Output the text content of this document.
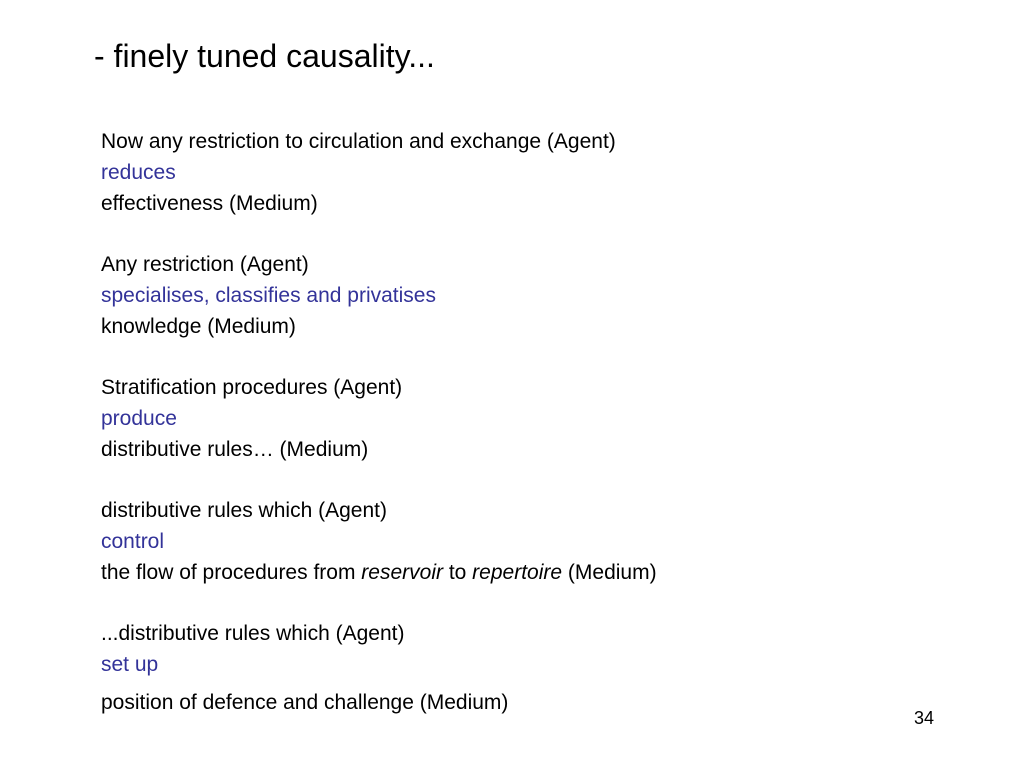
- finely tuned causality...
Now any restriction to circulation and exchange (Agent)
reduces
effectiveness (Medium)
Any restriction (Agent)
specialises, classifies and privatises
knowledge (Medium)
Stratification procedures (Agent)
produce
distributive rules… (Medium)
distributive rules which (Agent)
control
the flow of procedures from reservoir to repertoire (Medium)
...distributive rules which (Agent)
set up
position of defence and challenge (Medium)
34
